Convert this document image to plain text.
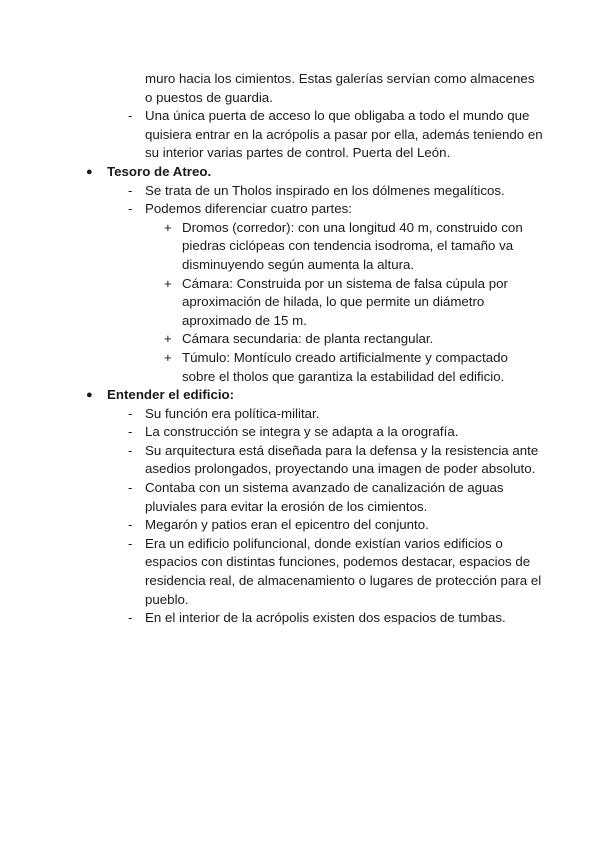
muro hacia los cimientos. Estas galerías servían como almacenes o puestos de guardia.
- Una única puerta de acceso lo que obligaba a todo el mundo que quisiera entrar en la acrópolis a pasar por ella, además teniendo en su interior varias partes de control. Puerta del León.
● Tesoro de Atreo.
- Se trata de un Tholos inspirado en los dólmenes megalíticos.
- Podemos diferenciar cuatro partes:
+ Dromos (corredor): con una longitud 40 m, construido con piedras ciclópeas con tendencia isodroma, el tamaño va disminuyendo según aumenta la altura.
+ Cámara: Construida por un sistema de falsa cúpula por aproximación de hilada, lo que permite un diámetro aproximado de 15 m.
+ Cámara secundaria: de planta rectangular.
+ Túmulo: Montículo creado artificialmente y compactado sobre el tholos que garantiza la estabilidad del edificio.
● Entender el edificio:
- Su función era política-militar.
- La construcción se integra y se adapta a la orografía.
- Su arquitectura está diseñada para la defensa y la resistencia ante asedios prolongados, proyectando una imagen de poder absoluto.
- Contaba con un sistema avanzado de canalización de aguas pluviales para evitar la erosión de los cimientos.
- Megarón y patios eran el epicentro del conjunto.
- Era un edificio polifuncional, donde existían varios edificios o espacios con distintas funciones, podemos destacar, espacios de residencia real, de almacenamiento o lugares de protección para el pueblo.
- En el interior de la acrópolis existen dos espacios de tumbas.
